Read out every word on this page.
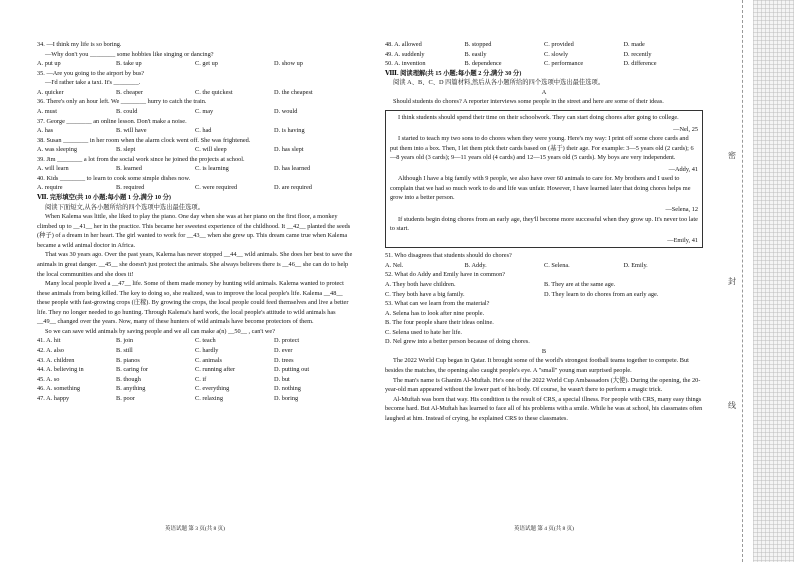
34. —I think my life is so boring.
—Why don't you ________ some hobbies like singing or dancing?
A. put up	B. take up	C. get up	D. show up
35. —Are you going to the airport by bus?
—I'd rather take a taxi. It's ________.
A. quicker	B. cheaper	C. the quickest	D. the cheapest
36. There's only an hour left. We ________ hurry to catch the train.
A. must	B. could	C. may	D. would
37. George ________ an online lesson. Don't make a noise.
A. has	B. will have	C. had	D. is having
38. Susan ________ in her room when the alarm clock went off. She was frightened.
A. was sleeping	B. slept	C. will sleep	D. has slept
39. Jim ________ a lot from the social work since he joined the projects at school.
A. will learn	B. learned	C. is learning	D. has learned
40. Kids ________ to learn to cook some simple dishes now.
A. require	B. required	C. were required	D. are required
Ⅶ. 完形填空(共 10 小题;每小题 1 分,满分 10 分)
阅读下面短文,从各小题所给的四个选项中选出最佳选项。
When Kalema was little, she liked to play the piano. One day when she was at her piano on the first floor, a monkey climbed up to __41__ her in the practice. This became her sweetest experience of the childhood. It __42__ planted the seeds (种子) of a dream in her heart. The girl wanted to work for __43__ when she grew up. This dream came true when Kalema became a wild animal doctor in Africa.
That was 30 years ago. Over the past years, Kalema has never stopped __44__ wild animals. She does her best to save the animals in great danger. __45__ she doesn't just protect the animals. She always believes there is __46__ she can do to help the local communities and she does it!
Many local people lived a __47__ life. Some of them made money by hunting wild animals. Kalema wanted to protect these animals from being killed. The key to doing so, she realized, was to improve the local people's life. Kalema __48__ these people with fast-growing crops (庄稼). By growing the crops, the local people could feed themselves and live a better life. They no longer needed to go hunting. Through Kalema's hard work, the local people's attitude to wild animals has __49__ changed over the years. Now, many of these hunters of wild animals have become protectors of them.
So we can save wild animals by saving people and we all can make a(n) __50__ , can't we?
41. A. hit	B. join	C. teach	D. protect
42. A. also	B. still	C. hardly	D. ever
43. A. children	B. pianos	C. animals	D. trees
44. A. believing in	B. caring for	C. running after	D. putting out
45. A. so	B. though	C. if	D. but
46. A. something	B. anything	C. everything	D. nothing
47. A. happy	B. poor	C. relaxing	D. boring
英语试题 第 3 页(共 8 页)
48. A. allowed	B. stopped	C. provided	D. made
49. A. suddenly	B. easily	C. slowly	D. recently
50. A. invention	B. dependence	C. performance	D. difference
Ⅷ. 阅读理解(共 15 小题;每小题 2 分,满分 30 分)
阅读 A、B、C、D 四篇材料,然后从各小题所给的四个选项中选出最佳选项。
A
Should students do chores? A reporter interviews some people in the street and here are some of their ideas.

I think students should spend their time on their schoolwork. They can start doing chores after going to college.

—Nel, 25

I started to teach my two sons to do chores when they were young. Here's my way: I print off some chore cards and put them into a box. Then, I let them pick their cards based on (基于) their age. For example: 3—5 years old (2 cards); 6—8 years old (3 cards); 9—11 years old (4 cards) and 12—15 years old (5 cards). My boys are very independent.

—Addy, 41

Although I have a big family with 9 people, we also have over 60 animals to care for. My brothers and I used to complain that we had so much work to do and life was unfair. However, I have learned later that doing chores helps me grow into a better person.

—Selena, 12

If students begin doing chores from an early age, they'll become more successful when they grow up. It's never too late to start.

—Emily, 41
51. Who disagrees that students should do chores?
A. Nel.	B. Addy.	C. Selena.	D. Emily.
52. What do Addy and Emily have in common?
A. They both have children.	B. They are at the same age.
C. They both have a big family.	D. They learn to do chores from an early age.
53. What can we learn from the material?
A. Selena has to look after nine people.
B. The four people share their ideas online.
C. Selena used to hate her life.
D. Nel grew into a better person because of doing chores.
B
The 2022 World Cup began in Qatar. It brought some of the world's strongest football teams together to compete. But besides the matches, the opening also caught people's eye. A "small" young man surprised people.
The man's name is Ghanim Al-Muftah. He's one of the 2022 World Cup Ambassadors (大使). During the opening, the 20-year-old man appeared without the lower part of his body. Of course, he wasn't there to perform a magic trick.
Al-Muftah was born that way. His condition is the result of CRS, a special illness. For people with CRS, many easy things become hard. But Al-Muftah has learned to face all of his problems with a smile. While he was at school, his classmates often laughed at him. Instead of crying, he explained CRS to these classmates.
英语试题 第 4 页(共 8 页)
密
封
线
